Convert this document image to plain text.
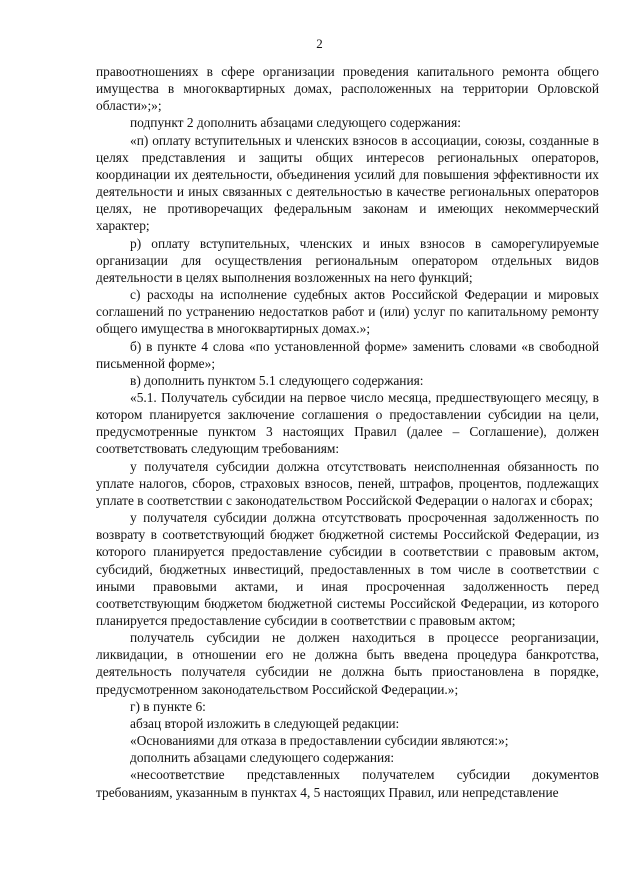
2

правоотношениях в сфере организации проведения капитального ремонта общего имущества в многоквартирных домах, расположенных на территории Орловской области»;»;

подпункт 2 дополнить абзацами следующего содержания:

«п) оплату вступительных и членских взносов в ассоциации, союзы, созданные в целях представления и защиты общих интересов региональных операторов, координации их деятельности, объединения усилий для повышения эффективности их деятельности и иных связанных с деятельностью в качестве региональных операторов целях, не противоречащих федеральным законам и имеющих некоммерческий характер;

р) оплату вступительных, членских и иных взносов в саморегулируемые организации для осуществления региональным оператором отдельных видов деятельности в целях выполнения возложенных на него функций;

с) расходы на исполнение судебных актов Российской Федерации и мировых соглашений по устранению недостатков работ и (или) услуг по капитальному ремонту общего имущества в многоквартирных домах.»;

б) в пункте 4 слова «по установленной форме» заменить словами «в свободной письменной форме»;

в) дополнить пунктом 5.1 следующего содержания:

«5.1. Получатель субсидии на первое число месяца, предшествующего месяцу, в котором планируется заключение соглашения о предоставлении субсидии на цели, предусмотренные пунктом 3 настоящих Правил (далее – Соглашение), должен соответствовать следующим требованиям:

у получателя субсидии должна отсутствовать неисполненная обязанность по уплате налогов, сборов, страховых взносов, пеней, штрафов, процентов, подлежащих уплате в соответствии с законодательством Российской Федерации о налогах и сборах;

у получателя субсидии должна отсутствовать просроченная задолженность по возврату в соответствующий бюджет бюджетной системы Российской Федерации, из которого планируется предоставление субсидии в соответствии с правовым актом, субсидий, бюджетных инвестиций, предоставленных в том числе в соответствии с иными правовыми актами, и иная просроченная задолженность перед соответствующим бюджетом бюджетной системы Российской Федерации, из которого планируется предоставление субсидии в соответствии с правовым актом;

получатель субсидии не должен находиться в процессе реорганизации, ликвидации, в отношении его не должна быть введена процедура банкротства, деятельность получателя субсидии не должна быть приостановлена в порядке, предусмотренном законодательством Российской Федерации.»;

г) в пункте 6:

абзац второй изложить в следующей редакции:

«Основаниями для отказа в предоставлении субсидии являются:»;

дополнить абзацами следующего содержания:

«несоответствие представленных получателем субсидии документов требованиям, указанным в пунктах 4, 5 настоящих Правил, или непредставление
